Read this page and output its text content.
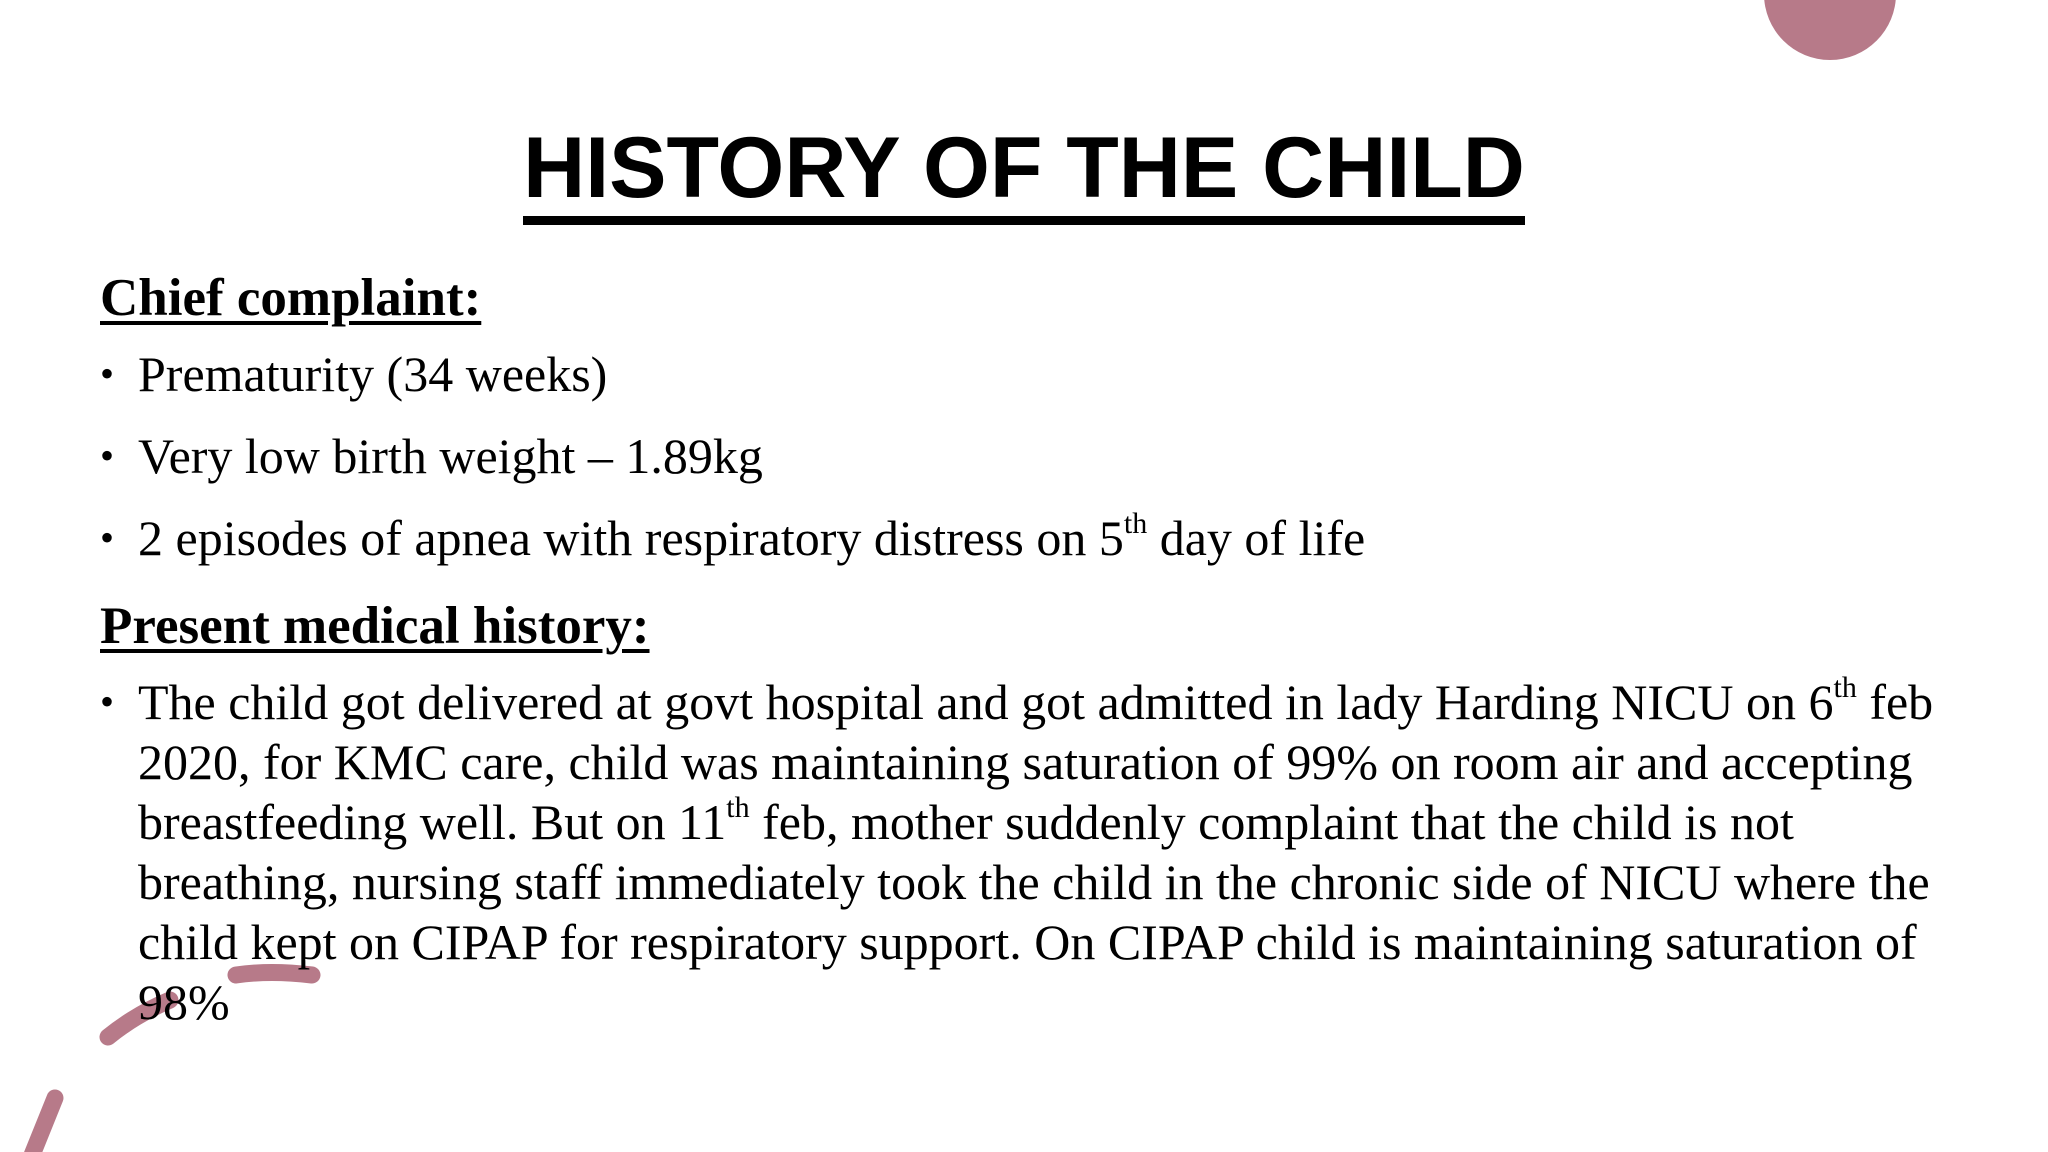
HISTORY OF THE CHILD
Chief complaint:
• Prematurity (34 weeks)
• Very low birth weight – 1.89kg
• 2 episodes of apnea with respiratory distress on 5th day of life
Present medical history:
• The child got delivered at govt hospital and got admitted in lady Harding NICU on 6th feb 2020, for KMC care, child was maintaining saturation of 99% on room air and accepting breastfeeding well. But on 11th feb, mother suddenly complaint that the child is not breathing, nursing staff immediately took the child in the chronic side of NICU where the child kept on CIPAP for respiratory support. On CIPAP child is maintaining saturation of 98%
